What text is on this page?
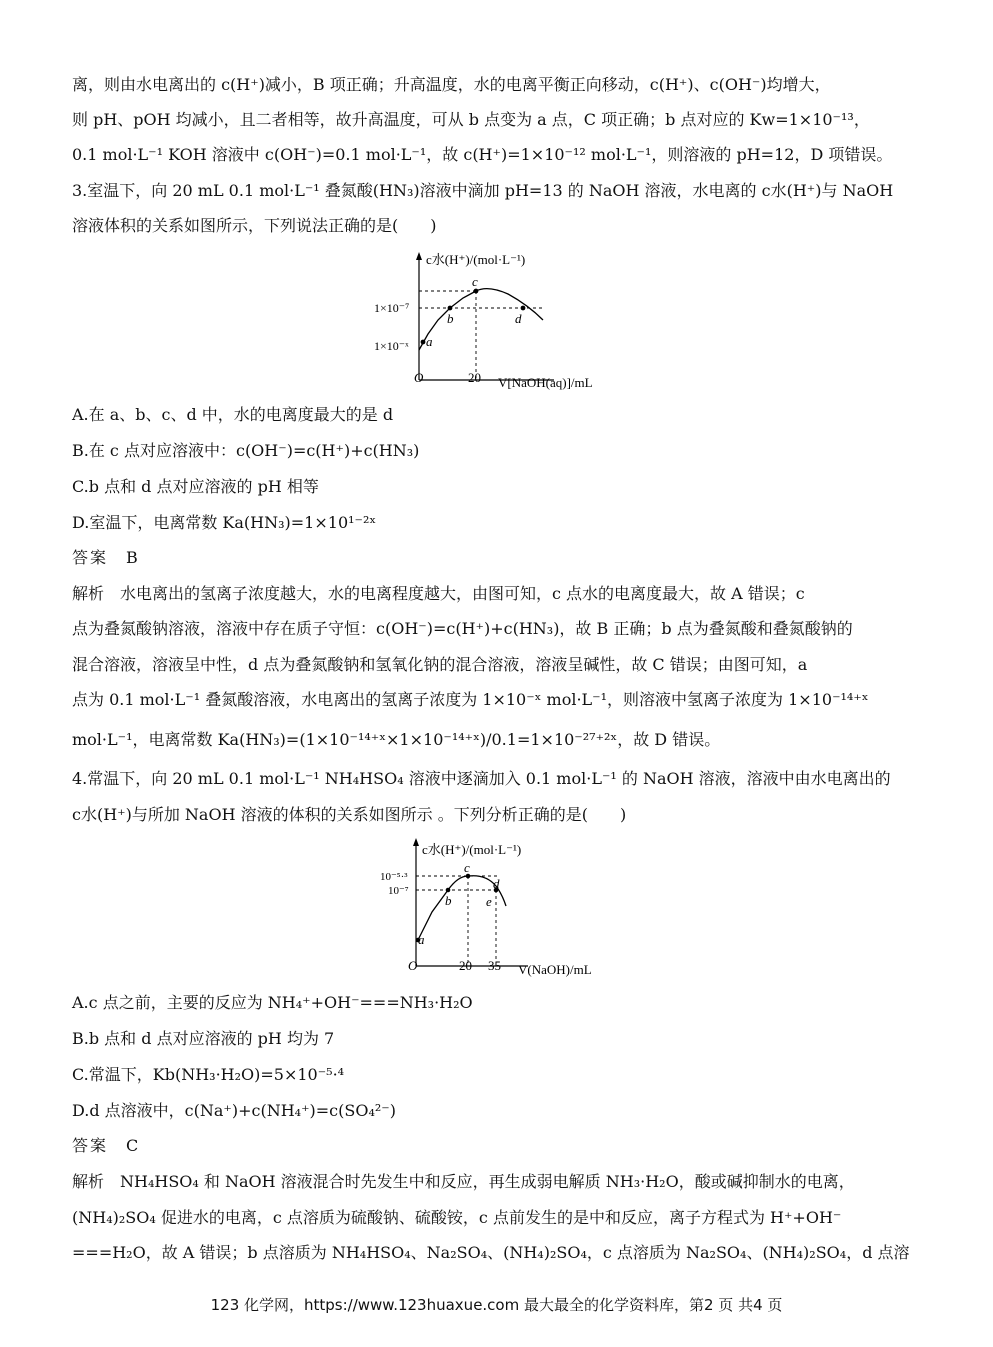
离，则由水电离出的 c(H⁺)减小，B 项正确；升高温度，水的电离平衡正向移动，c(H⁺)、c(OH⁻)均增大，
则 pH、pOH 均减小，且二者相等，故升高温度，可从 b 点变为 a 点，C 项正确；b 点对应的 Kw=1×10⁻¹³，
0.1 mol·L⁻¹ KOH 溶液中 c(OH⁻)=0.1 mol·L⁻¹，故 c(H⁺)=1×10⁻¹² mol·L⁻¹，则溶液的 pH=12，D 项错误。
3.室温下，向 20 mL 0.1 mol·L⁻¹ 叠氮酸(HN₃)溶液中滴加 pH=13 的 NaOH 溶液，水电离的 c水(H⁺)与 NaOH
溶液体积的关系如图所示，下列说法正确的是(　　)
c水(H⁺)/(mol·L⁻¹)
1×10⁻⁷
1×10⁻ˣ
O	20 V[NaOH(aq)]/mL
a
b
c
d
A.在 a、b、c、d 中，水的电离度最大的是 d
B.在 c 点对应溶液中：c(OH⁻)=c(H⁺)+c(HN₃)
C.b 点和 d 点对应溶液的 pH 相等
D.室温下，电离常数 Ka(HN₃)=1×10¹⁻²ˣ
答案　B
解析　水电离出的氢离子浓度越大，水的电离程度越大，由图可知，c 点水的电离度最大，故 A 错误；c
点为叠氮酸钠溶液，溶液中存在质子守恒：c(OH⁻)=c(H⁺)+c(HN₃)，故 B 正确；b 点为叠氮酸和叠氮酸钠的
混合溶液，溶液呈中性，d 点为叠氮酸钠和氢氧化钠的混合溶液，溶液呈碱性，故 C 错误；由图可知，a
点为 0.1 mol·L⁻¹ 叠氮酸溶液，水电离出的氢离子浓度为 1×10⁻ˣ mol·L⁻¹，则溶液中氢离子浓度为 1×10⁻¹⁴⁺ˣ
mol·L⁻¹，电离常数 Ka(HN₃)=(1×10⁻¹⁴⁺ˣ×1×10⁻¹⁴⁺ˣ)/0.1=1×10⁻²⁷⁺²ˣ，故 D 错误。
4.常温下，向 20 mL 0.1 mol·L⁻¹ NH₄HSO₄ 溶液中逐滴加入 0.1 mol·L⁻¹ 的 NaOH 溶液，溶液中由水电离出的
c水(H⁺)与所加 NaOH 溶液的体积的关系如图所示 。下列分析正确的是(　　)
c水(H⁺)/(mol·L⁻¹)
10⁻⁵·³
10⁻⁷
O	20 35 V(NaOH)/mL
a
b
c
d
e
A.c 点之前，主要的反应为 NH₄⁺+OH⁻===NH₃·H₂O
B.b 点和 d 点对应溶液的 pH 均为 7
C.常温下，Kb(NH₃·H₂O)=5×10⁻⁵·⁴
D.d 点溶液中，c(Na⁺)+c(NH₄⁺)=c(SO₄²⁻)
答案　C
解析　NH₄HSO₄ 和 NaOH 溶液混合时先发生中和反应，再生成弱电解质 NH₃·H₂O，酸或碱抑制水的电离，
(NH₄)₂SO₄ 促进水的电离，c 点溶质为硫酸钠、硫酸铵，c 点前发生的是中和反应，离子方程式为 H⁺+OH⁻
===H₂O，故 A 错误；b 点溶质为 NH₄HSO₄、Na₂SO₄、(NH₄)₂SO₄，c 点溶质为 Na₂SO₄、(NH₄)₂SO₄，d 点溶
123 化学网，https://www.123huaxue.com 最大最全的化学资料库，第2 页 共4 页
